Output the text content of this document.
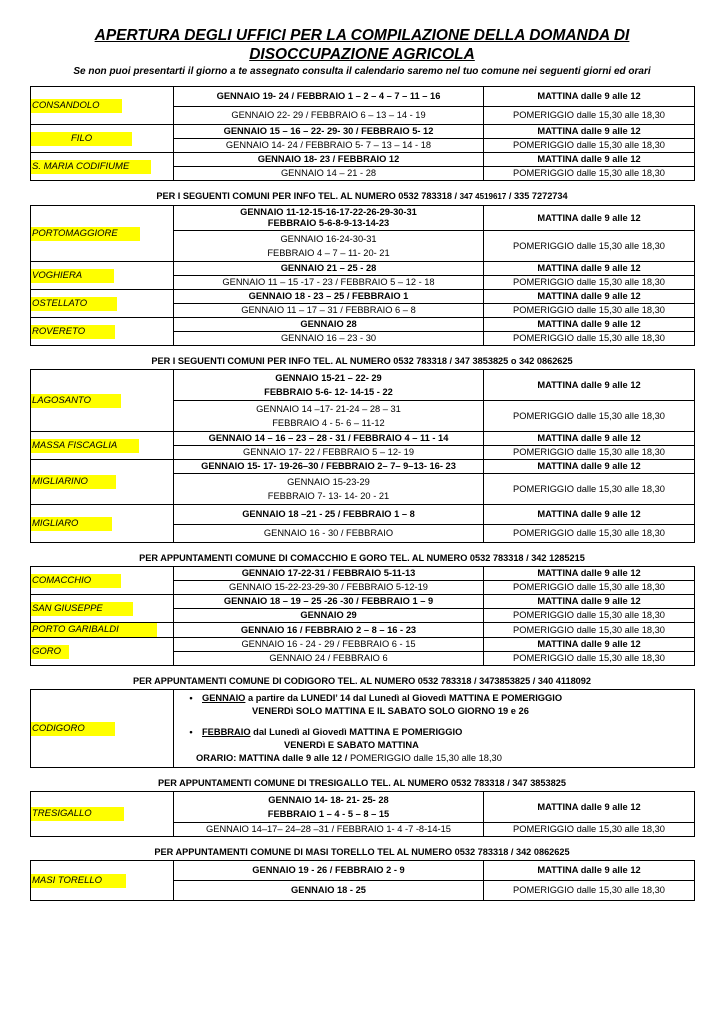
APERTURA DEGLI UFFICI PER LA COMPILAZIONE DELLA DOMANDA DI
DISOCCUPAZIONE AGRICOLA
Se non puoi presentarti il giorno a te assegnato consulta il calendario saremo nel tuo comune nei seguenti giorni ed orari
CONSANDOLO	GENNAIO 19- 24 / FEBBRAIO 1 – 2 – 4 – 7 – 11 – 16	MATTINA dalle 9 alle 12
	GENNAIO 22- 29 / FEBBRAIO 6 – 13 – 14 - 19	POMERIGGIO dalle 15,30 alle 18,30
FILO	GENNAIO 15 – 16 – 22- 29- 30 / FEBBRAIO 5- 12	MATTINA dalle 9 alle 12
	GENNAIO 14- 24 / FEBBRAIO 5- 7 – 13 – 14 - 18	POMERIGGIO dalle 15,30 alle 18,30
S. MARIA CODIFIUME	GENNAIO 18- 23 / FEBBRAIO 12	MATTINA dalle 9 alle 12
	GENNAIO 14 – 21 - 28	POMERIGGIO dalle 15,30 alle 18,30
PER I SEGUENTI COMUNI PER INFO TEL. AL NUMERO 0532 783318 / 347 4519617 / 335 7272734
PORTOMAGGIORE	GENNAIO 11-12-15-16-17-22-26-29-30-31
FEBBRAIO 5-6-8-9-13-14-23	MATTINA dalle 9 alle 12
	GENNAIO 16-24-30-31
FEBBRAIO 4 – 7 – 11- 20- 21	POMERIGGIO dalle 15,30 alle 18,30
VOGHIERA	GENNAIO 21 – 25 - 28	MATTINA dalle 9 alle 12
	GENNAIO 11 – 15 -17 - 23 / FEBBRAIO 5 – 12 - 18	POMERIGGIO dalle 15,30 alle 18,30
OSTELLATO	GENNAIO 18 - 23 – 25 / FEBBRAIO 1	MATTINA dalle 9 alle 12
	GENNAIO 11 – 17 – 31 / FEBBRAIO 6 – 8	POMERIGGIO dalle 15,30 alle 18,30
ROVERETO	GENNAIO 28	MATTINA dalle 9 alle 12
	GENNAIO 16 – 23 - 30	POMERIGGIO dalle 15,30 alle 18,30
PER I SEGUENTI COMUNI PER INFO TEL. AL NUMERO 0532 783318 / 347 3853825 o 342 0862625
LAGOSANTO	GENNAIO 15-21 – 22- 29
FEBBRAIO 5-6- 12- 14-15 - 22	MATTINA dalle 9 alle 12
	GENNAIO 14 –17- 21-24 – 28 – 31
FEBBRAIO 4 - 5- 6 – 11-12	POMERIGGIO dalle 15,30 alle 18,30
MASSA FISCAGLIA	GENNAIO 14 – 16 – 23 – 28 - 31 / FEBBRAIO 4 – 11 - 14	MATTINA dalle 9 alle 12
	GENNAIO 17- 22 / FEBBRAIO 5 – 12- 19	POMERIGGIO dalle 15,30 alle 18,30
MIGLIARINO	GENNAIO 15- 17- 19-26–30 / FEBBRAIO 2– 7– 9–13- 16- 23	MATTINA dalle 9 alle 12
	GENNAIO 15-23-29
FEBBRAIO 7- 13- 14- 20 - 21	POMERIGGIO dalle 15,30 alle 18,30
MIGLIARO	GENNAIO 18 –21 - 25 / FEBBRAIO 1 – 8	MATTINA dalle 9 alle 12
	GENNAIO 16 - 30 / FEBBRAIO	POMERIGGIO dalle 15,30 alle 18,30
PER APPUNTAMENTI COMUNE DI COMACCHIO E GORO TEL. AL NUMERO 0532 783318 / 342 1285215
COMACCHIO	GENNAIO 17-22-31 / FEBBRAIO 5-11-13	MATTINA dalle 9 alle 12
	GENNAIO 15-22-23-29-30 / FEBBRAIO 5-12-19	POMERIGGIO dalle 15,30 alle 18,30
SAN GIUSEPPE	GENNAIO 18 – 19 – 25 -26 -30 / FEBBRAIO 1 – 9	MATTINA dalle 9 alle 12
	GENNAIO 29	POMERIGGIO dalle 15,30 alle 18,30
PORTO GARIBALDI	GENNAIO 16 / FEBBRAIO 2 – 8 – 16 - 23	POMERIGGIO dalle 15,30 alle 18,30
GORO	GENNAIO 16 - 24 - 29 / FEBBRAIO 6 - 15	MATTINA dalle 9 alle 12
	GENNAIO 24 / FEBBRAIO 6	POMERIGGIO dalle 15,30 alle 18,30
PER APPUNTAMENTI COMUNE DI CODIGORO TEL. AL NUMERO 0532 783318 / 3473853825 / 340 4118092
CODIGORO	
• GENNAIO a partire da LUNEDI’ 14 dal Lunedì al Giovedì MATTINA E POMERIGGIO
VENERDì SOLO MATTINA E IL SABATO SOLO GIORNO 19 e 26
• FEBBRAIO dal Lunedì al Giovedì MATTINA E POMERIGGIO
VENERDì E SABATO MATTINA
ORARIO: MATTINA dalle 9 alle 12 / POMERIGGIO dalle 15,30 alle 18,30
PER APPUNTAMENTI COMUNE DI TRESIGALLO TEL. AL NUMERO 0532 783318 / 347 3853825
TRESIGALLO	GENNAIO 14- 18- 21- 25- 28
FEBBRAIO 1 – 4 - 5 – 8 – 15	MATTINA dalle 9 alle 12
	GENNAIO 14–17– 24–28 –31 / FEBBRAIO 1- 4 -7 -8-14-15	POMERIGGIO dalle 15,30 alle 18,30
PER APPUNTAMENTI COMUNE DI MASI TORELLO TEL AL NUMERO 0532 783318 / 342 0862625
MASI TORELLO	GENNAIO 19 - 26 / FEBBRAIO 2 - 9	MATTINA dalle 9 alle 12
	GENNAIO 18 - 25	POMERIGGIO dalle 15,30 alle 18,30
